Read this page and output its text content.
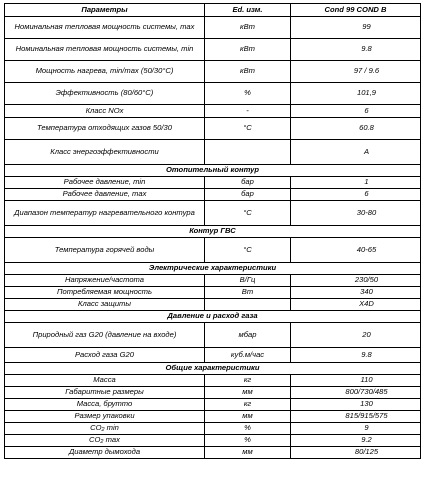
Параметры	Ed. изм.	Cond 99 COND B
Номинальная тепловая мощность системы, max	кВт	99
Номинальная тепловая мощность системы, min	кВт	9.8
Мощность нагрева, min/max (50/30°С)	кВт	97 / 9.6
Эффективность (80/60°С)	%	101,9
Класс NOx	-	6
Температура отходящих газов 50/30	°С	60.8
Класс энергоэффективности		A
Отопительный контур		
Рабочее давление, min	бар	1
Рабочее давление, max	бар	6
Диапазон температур нагревательного контура	°С	30-80
Контур ГВС		
Температура горячей воды	°С	40-65
Электрические характеристики		
Напряжение/частота	В/Гц	230/50
Потребляемая мощность	Вт	340
Класс защиты		X4D
Давление и расход газа		
Природный газ G20 (давление на входе)	мбар	20
Расход газа G20	куб.м/час	9.8
Общие характеристики		
Масса	кг	110
Габаритные размеры	мм	800/730/485
Масса, брутто	кг	130
Размер упаковки	мм	815/915/575
$CO_2$ min	%	9
$CO_2$ max	%	9.2
Диаметр дымохода	мм	80/125
